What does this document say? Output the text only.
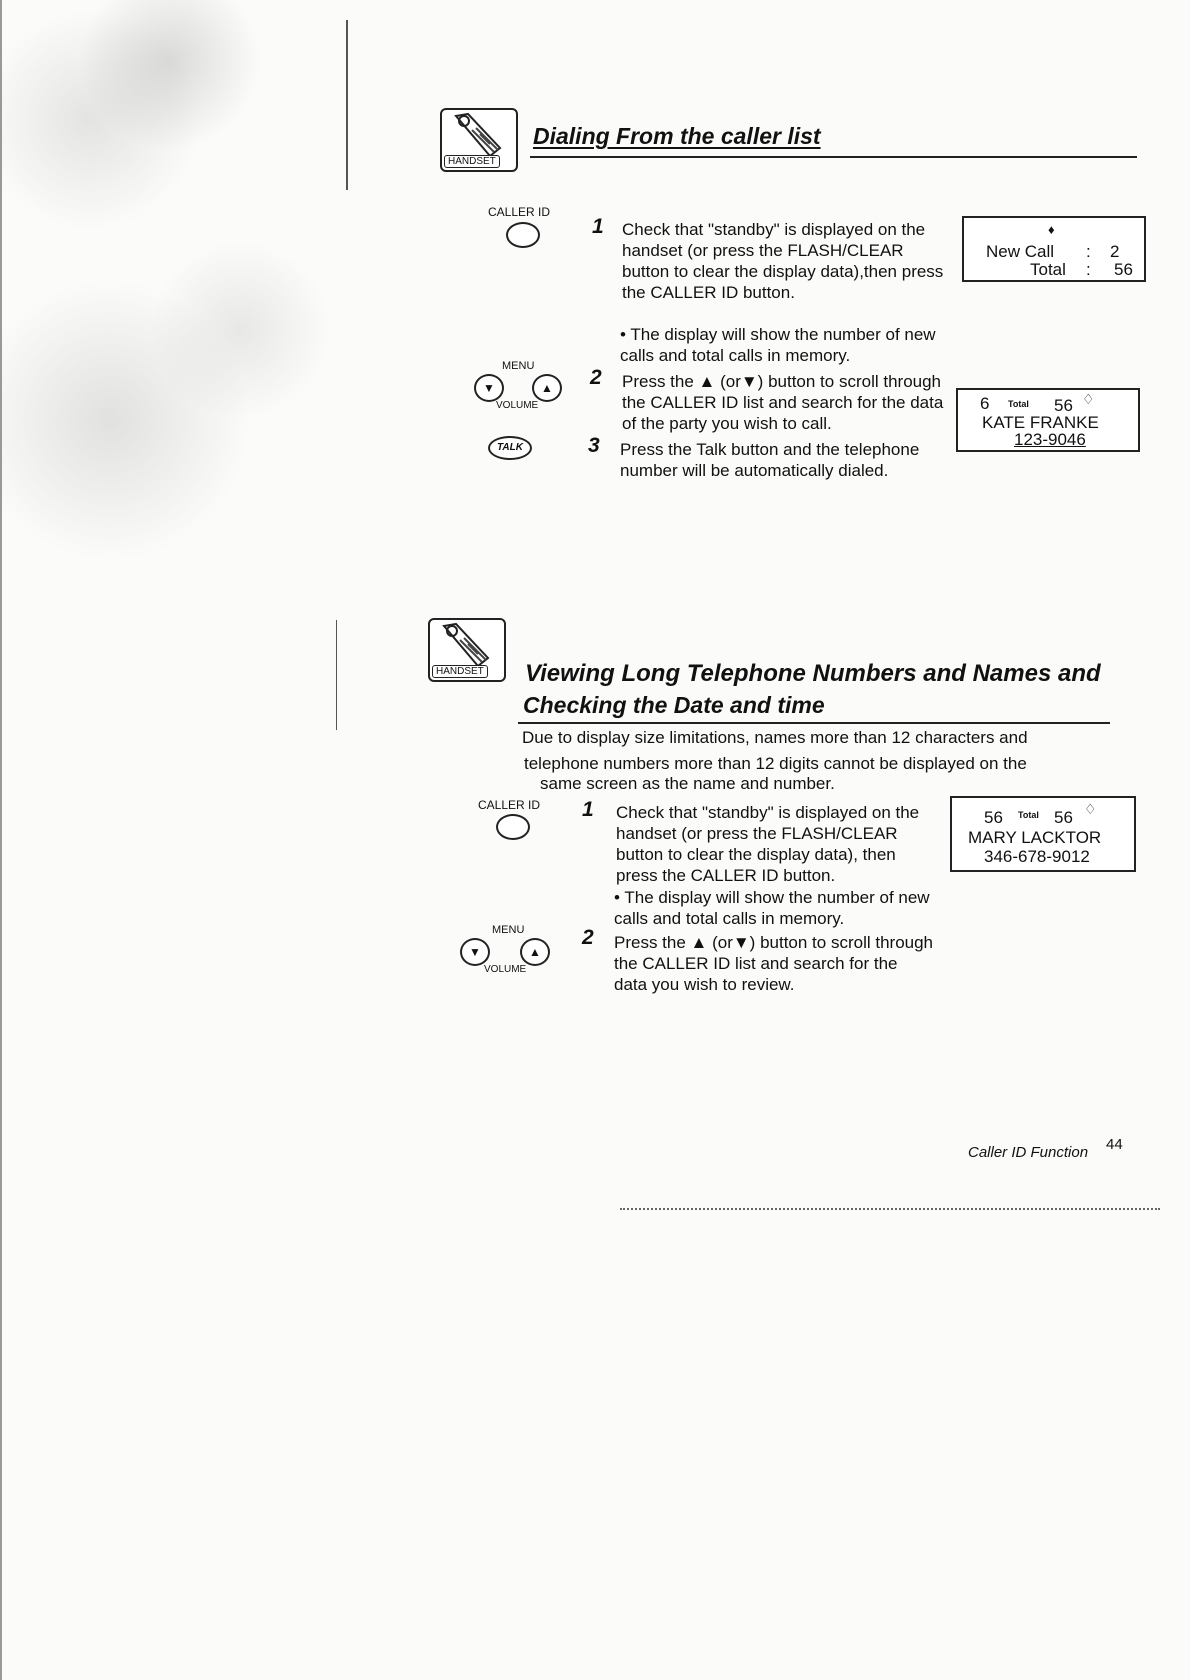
HANDSET
Dialing From the caller list
CALLER ID
1 Check that "standby" is displayed on the handset (or press the FLASH/CLEAR button to clear the display data),then press the CALLER ID button.

• The display will show the number of new calls and total calls in memory.

♦
New Call : 2
Total : 56
MENU
▼	▲
VOLUME
2 Press the ▲ (or▼) button to scroll through the CALLER ID list and search for the data of the party you wish to call.

6 Total 56 ♢
KATE FRANKE
123-9046
TALK	3 Press the Talk button and the telephone number will be automatically dialed.

HANDSET Viewing Long Telephone Numbers and Names and
Checking the Date and time

Due to display size limitations, names more than 12 characters and

telephone numbers more than 12 digits cannot be displayed on the

same screen as the name and number.

CALLER ID 1 Check that "standby" is displayed on the handset (or press the FLASH/CLEAR button to clear the display data), then press the CALLER ID button.

• The display will show the number of new calls and total calls in memory.

56 Total 56 ♢
MARY LACKTOR
346-678-9012
MENU
▼	▲
VOLUME
2 Press the ▲ (or▼) button to scroll through the CALLER ID list and search for the data you wish to review.

Caller ID Function 44
